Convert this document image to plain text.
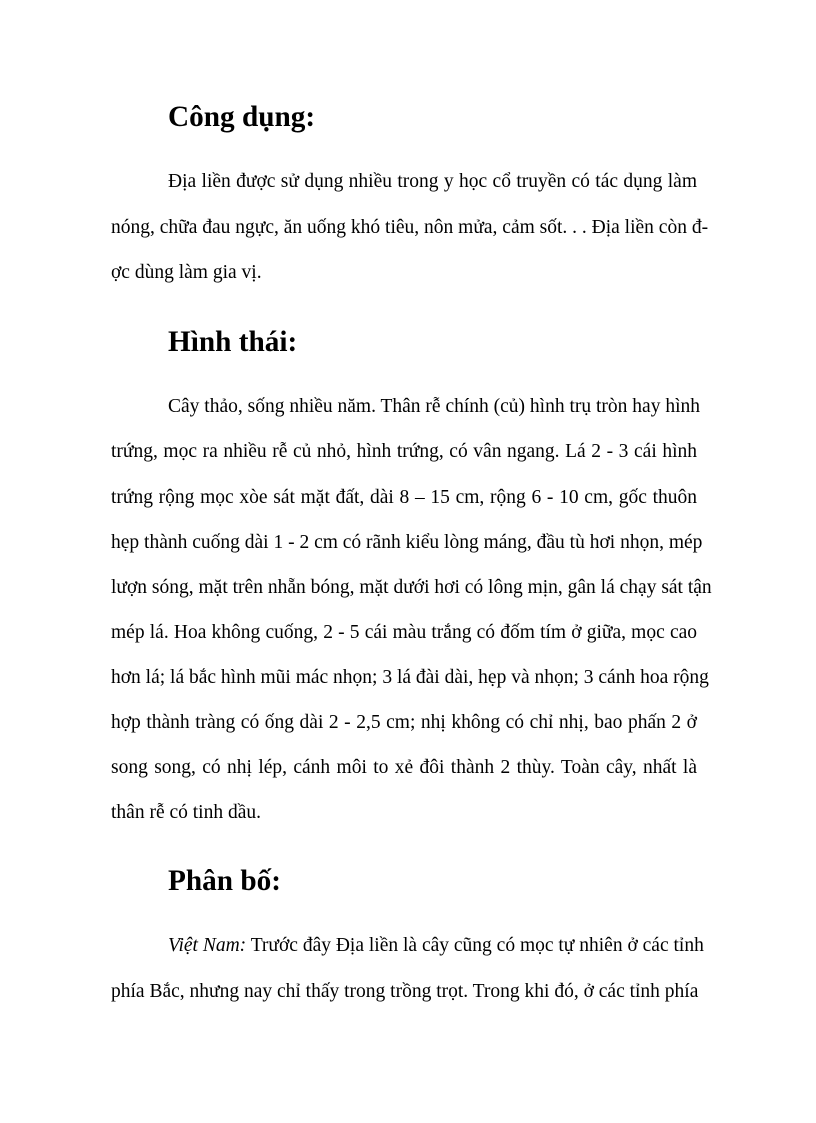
Công dụng:

Địa liền được sử dụng nhiều trong y học cổ truyền có tác dụng làm

nóng, chữa đau ngực, ăn uống khó tiêu, nôn mửa, cảm sốt. . . Địa liền còn đ-

ợc dùng làm gia vị.

Hình thái:

Cây thảo, sống nhiều năm. Thân rễ chính (củ) hình trụ tròn hay hình

trứng, mọc ra nhiều rễ củ nhỏ, hình trứng, có vân ngang. Lá 2 - 3 cái hình

trứng rộng mọc xòe sát mặt đất, dài 8 – 15 cm, rộng 6 - 10 cm, gốc thuôn

hẹp thành cuống dài 1 - 2 cm có rãnh kiểu lòng máng, đầu tù hơi nhọn, mép

lượn sóng, mặt trên nhẵn bóng, mặt dưới hơi có lông mịn, gân lá chạy sát tận

mép lá. Hoa không cuống, 2 - 5 cái màu trắng có đốm tím ở giữa, mọc cao

hơn lá; lá bắc hình mũi mác nhọn; 3 lá đài dài, hẹp và nhọn; 3 cánh hoa rộng

hợp thành tràng có ống dài 2 - 2,5 cm; nhị không có chỉ nhị, bao phấn 2 ở

song song, có nhị lép, cánh môi to xẻ đôi thành 2 thùy. Toàn cây, nhất là

thân rễ có tinh dầu.

Phân bố:

Việt Nam: Trước đây Địa liền là cây cũng có mọc tự nhiên ở các tỉnh

phía Bắc, nhưng nay chỉ thấy trong trồng trọt. Trong khi đó, ở các tỉnh phía
